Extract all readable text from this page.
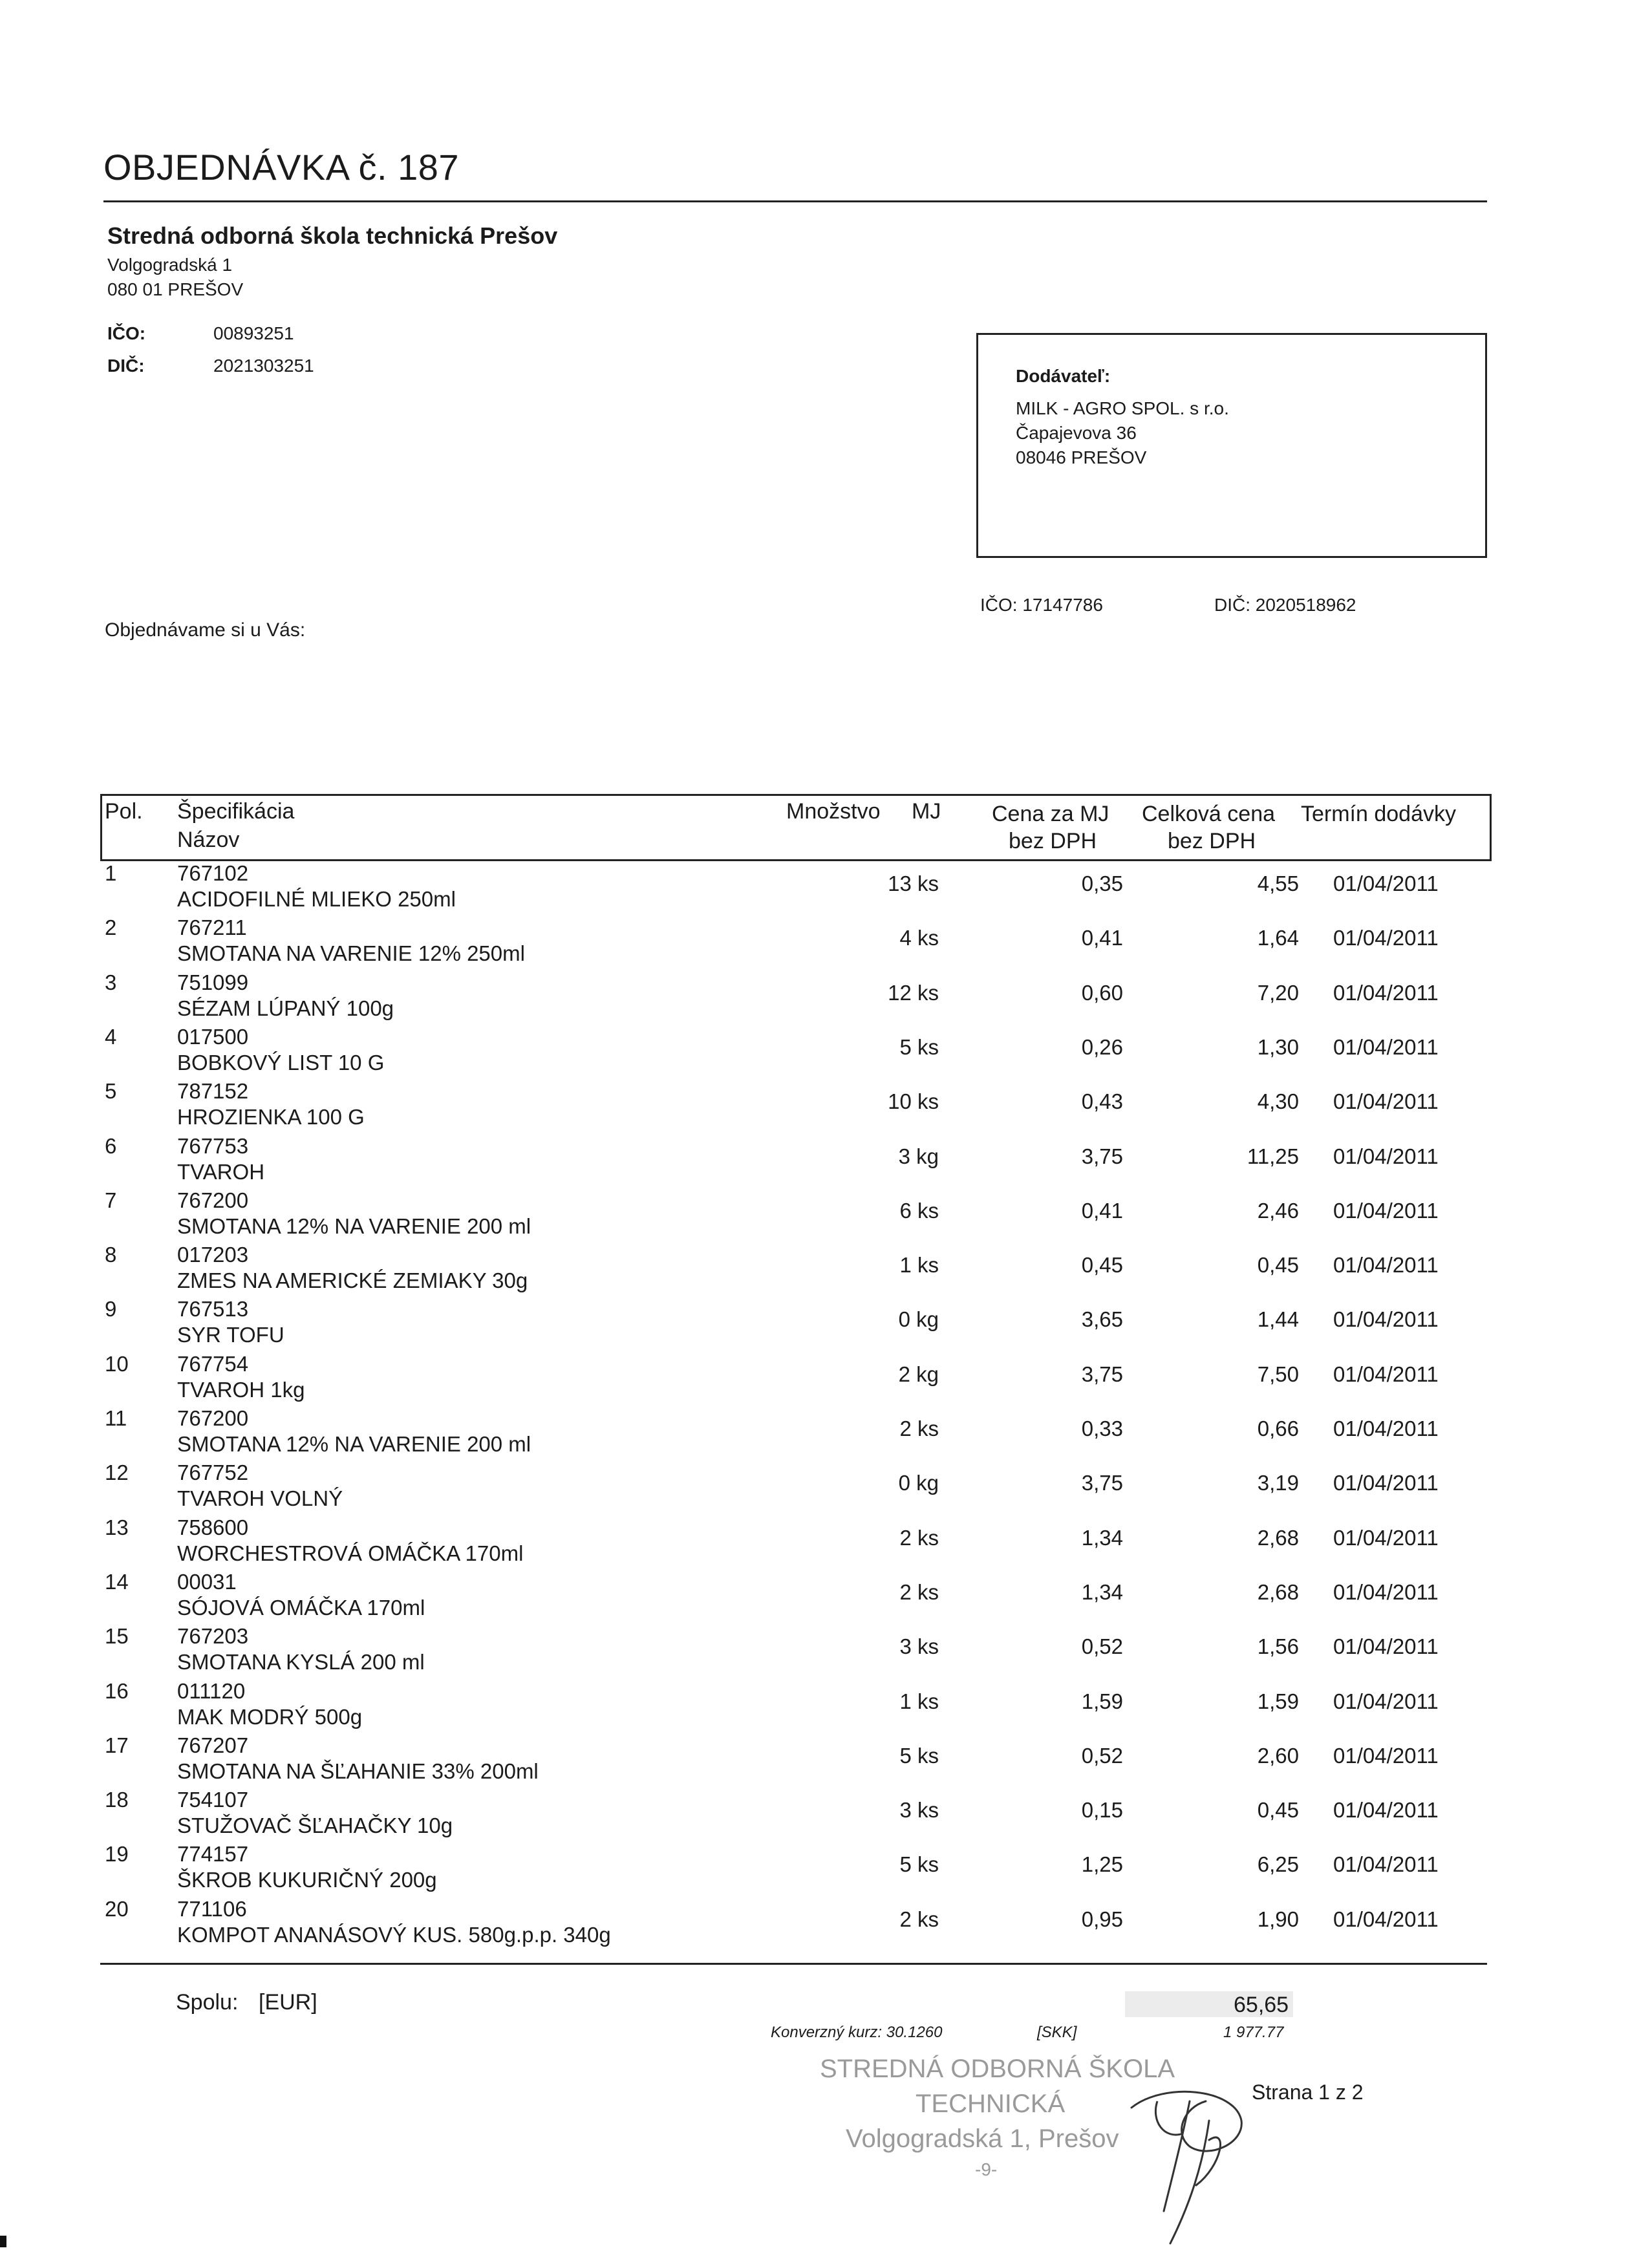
OBJEDNÁVKA č. 187
Stredná odborná škola technická Prešov
Volgogradská 1
080 01 PREŠOV
IČO:	00893251
DIČ:	2021303251
Dodávateľ:
MILK - AGRO SPOL. s r.o.
Čapajevova 36
08046 PREŠOV
IČO: 17147786	DIČ: 2020518962
Objednávame si u Vás:
Pol. Špecifikácia
Názov
Množstvo MJ Cena za MJ
bez DPH
Celková cena
bez DPH
Termín dodávky
1	767102
ACIDOFILNÉ MLIEKO 250ml
13 ks	0,35	4,55 01/04/2011
2	767211
SMOTANA NA VARENIE 12% 250ml
4 ks	0,41	1,64 01/04/2011
3	751099
SÉZAM LÚPANÝ 100g
12 ks	0,60	7,20 01/04/2011
4	017500
BOBKOVÝ LIST 10 G
5 ks	0,26	1,30 01/04/2011
5	787152
HROZIENKA 100 G
10 ks	0,43	4,30 01/04/2011
6	767753
TVAROH
3 kg	3,75	11,25 01/04/2011
7	767200
SMOTANA 12% NA VARENIE 200 ml
6 ks	0,41	2,46 01/04/2011
8	017203
ZMES NA AMERICKÉ ZEMIAKY 30g
1 ks	0,45	0,45 01/04/2011
9	767513
SYR TOFU
0 kg	3,65	1,44 01/04/2011
10 767754
TVAROH 1kg
2 kg	3,75	7,50 01/04/2011
11 767200
SMOTANA 12% NA VARENIE 200 ml
2 ks	0,33	0,66 01/04/2011
12 767752
TVAROH VOLNÝ
0 kg	3,75	3,19 01/04/2011
13 758600
WORCHESTROVÁ OMÁČKA 170ml
2 ks	1,34	2,68 01/04/2011
14 00031
SÓJOVÁ OMÁČKA 170ml
2 ks	1,34	2,68 01/04/2011
15 767203
SMOTANA KYSLÁ 200 ml
3 ks	0,52	1,56 01/04/2011
16 011120
MAK MODRÝ 500g
1 ks	1,59	1,59 01/04/2011
17 767207
SMOTANA NA ŠĽAHANIE 33% 200ml
5 ks	0,52	2,60 01/04/2011
18 754107
STUŽOVAČ ŠĽAHAČKY 10g
3 ks	0,15	0,45 01/04/2011
19 774157
ŠKROB KUKURIČNÝ 200g
5 ks	1,25	6,25 01/04/2011
20 771106
KOMPOT ANANÁSOVÝ KUS. 580g.p.p. 340g
2 ks	0,95	1,90 01/04/2011
Spolu: [EUR]	65,65
Konverzný kurz: 30.1260	[SKK]	1 977.77
STREDNÁ ODBORNÁ ŠKOLA
TECHNICKÁ
Volgogradská 1, Prešov
-9-
Strana 1 z 2
